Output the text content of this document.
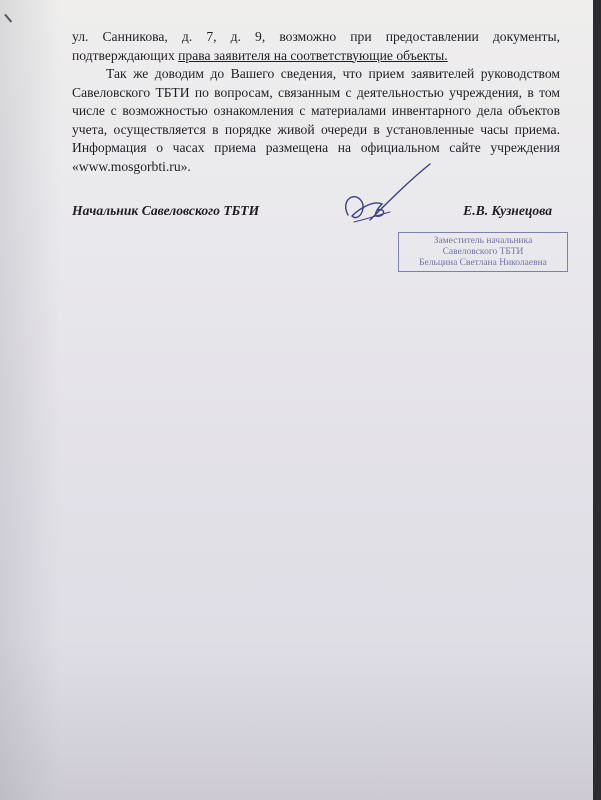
ул. Санникова, д. 7, д. 9, возможно при предоставлении документы, подтверждающих права заявителя на соответствующие объекты.

Так же доводим до Вашего сведения, что прием заявителей руководством Савеловского ТБТИ по вопросам, связанным с деятельностью учреждения, в том числе с возможностью ознакомления с материалами инвентарного дела объектов учета, осуществляется в порядке живой очереди в установленные часы приема. Информация о часах приема размещена на официальном сайте учреждения «www.mosgorbti.ru».

Начальник Савеловского ТБТИ	Е.В. Кузнецова
Заместитель начальника
Савеловского ТБТИ
Бельцина Светлана Николаевна
